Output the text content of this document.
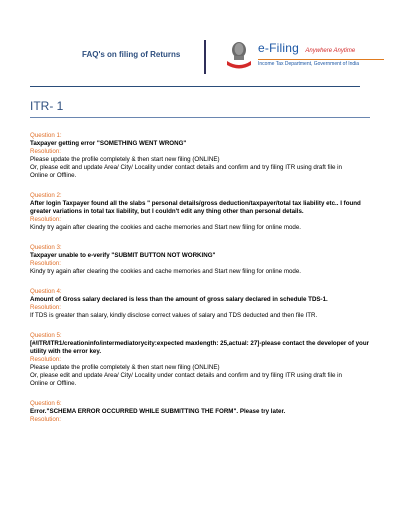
FAQ's on filing of Returns	e-Filing Anywhere Anytime
Income Tax Department, Government of India
ITR- 1
Question 1:
Taxpayer getting error "SOMETHING WENT WRONG"
Resolution:
Please update the profile completely & then start new filing (ONLINE)
Or, please edit and update Area/ City/ Locality under contact details and confirm and try filing ITR using draft file in
Online or Offline.
Question 2:
After login Taxpayer found all the slabs " personal details/gross deduction/taxpayer/total tax liability etc.. I found greater variations in total tax liability, but I couldn't edit any thing other than personal details.
Resolution:
Kindy try again after clearing the cookies and cache memories and Start new filing for online mode.
Question 3:
Taxpayer unable to e-verify "SUBMIT BUTTON NOT WORKING"
Resolution:
Kindy try again after clearing the cookies and cache memories and Start new filing for online mode.
Question 4:
Amount of Gross salary declared is less than the amount of gross salary declared in schedule TDS-1.
Resolution:
If TDS is greater than salary, kindly disclose correct values of salary and TDS deducted and then file ITR.
Question 5:
[#/ITR/ITR1/creationinfo/intermediatorycity:expected maxlength: 25,actual: 27]-please contact the developer of your utility with the error key.
Resolution:
Please update the profile completely & then start new filing (ONLINE)
Or, please edit and update Area/ City/ Locality under contact details and confirm and try filing ITR using draft file in
Online or Offline.
Question 6:
Error."SCHEMA ERROR OCCURRED WHILE SUBMITTING THE FORM". Please try later.
Resolution:
